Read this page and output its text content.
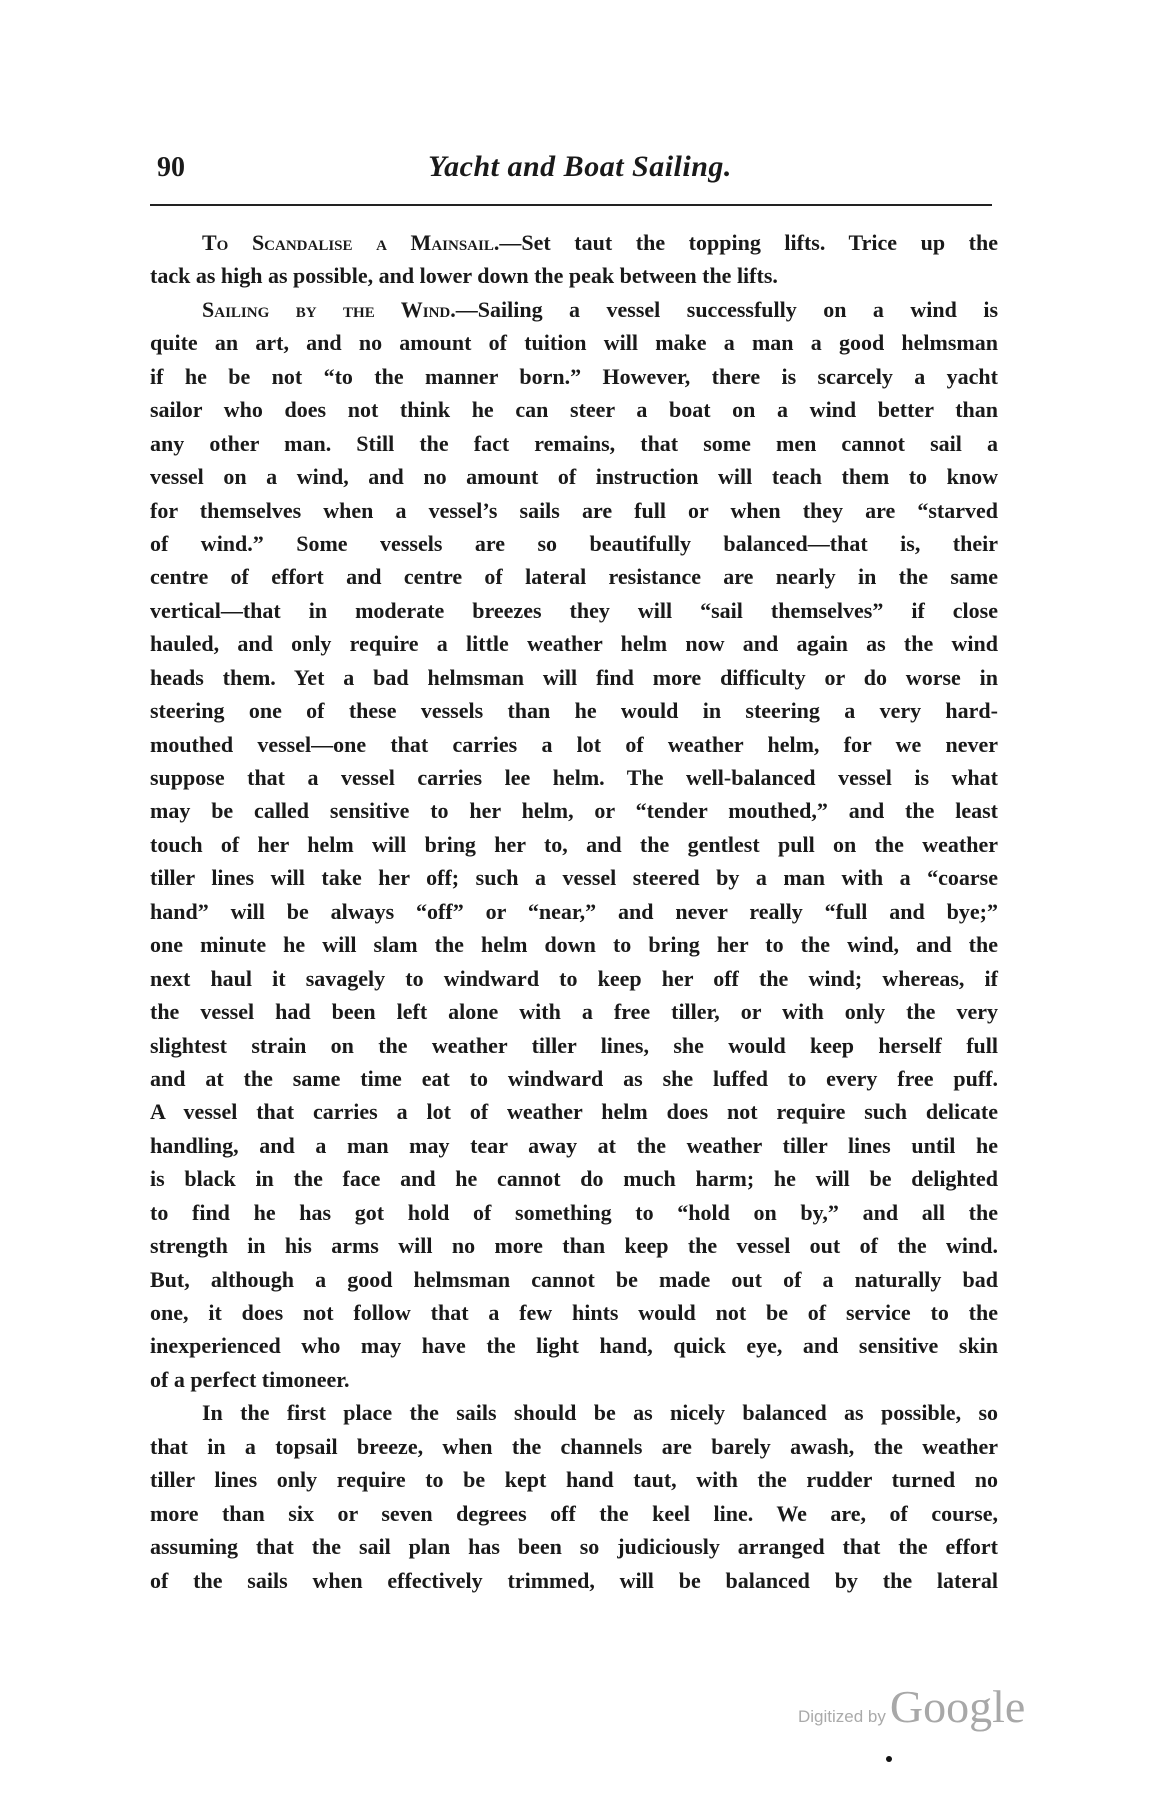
90	Yacht and Boat Sailing.
To Scandalise a Mainsail.—Set taut the topping lifts. Trice up the
tack as high as possible, and lower down the peak between the lifts.
Sailing by the Wind.—Sailing a vessel successfully on a wind is
quite an art, and no amount of tuition will make a man a good helmsman
if he be not “to the manner born.” However, there is scarcely a yacht
sailor who does not think he can steer a boat on a wind better than
any other man. Still the fact remains, that some men cannot sail a
vessel on a wind, and no amount of instruction will teach them to know
for themselves when a vessel’s sails are full or when they are “starved
of wind.” Some vessels are so beautifully balanced—that is, their
centre of effort and centre of lateral resistance are nearly in the same
vertical—that in moderate breezes they will “sail themselves” if close
hauled, and only require a little weather helm now and again as the wind
heads them. Yet a bad helmsman will find more difficulty or do worse in
steering one of these vessels than he would in steering a very hard-
mouthed vessel—one that carries a lot of weather helm, for we never
suppose that a vessel carries lee helm. The well-balanced vessel is what
may be called sensitive to her helm, or “tender mouthed,” and the least
touch of her helm will bring her to, and the gentlest pull on the weather
tiller lines will take her off; such a vessel steered by a man with a “coarse
hand” will be always “off” or “near,” and never really “full and bye;”
one minute he will slam the helm down to bring her to the wind, and the
next haul it savagely to windward to keep her off the wind; whereas, if
the vessel had been left alone with a free tiller, or with only the very
slightest strain on the weather tiller lines, she would keep herself full
and at the same time eat to windward as she luffed to every free puff.
A vessel that carries a lot of weather helm does not require such delicate
handling, and a man may tear away at the weather tiller lines until he
is black in the face and he cannot do much harm; he will be delighted
to find he has got hold of something to “hold on by,” and all the
strength in his arms will no more than keep the vessel out of the wind.
But, although a good helmsman cannot be made out of a naturally bad
one, it does not follow that a few hints would not be of service to the
inexperienced who may have the light hand, quick eye, and sensitive skin
of a perfect timoneer.
In the first place the sails should be as nicely balanced as possible, so
that in a topsail breeze, when the channels are barely awash, the weather
tiller lines only require to be kept hand taut, with the rudder turned no
more than six or seven degrees off the keel line. We are, of course,
assuming that the sail plan has been so judiciously arranged that the effort
of the sails when effectively trimmed, will be balanced by the lateral
Digitized by Google
